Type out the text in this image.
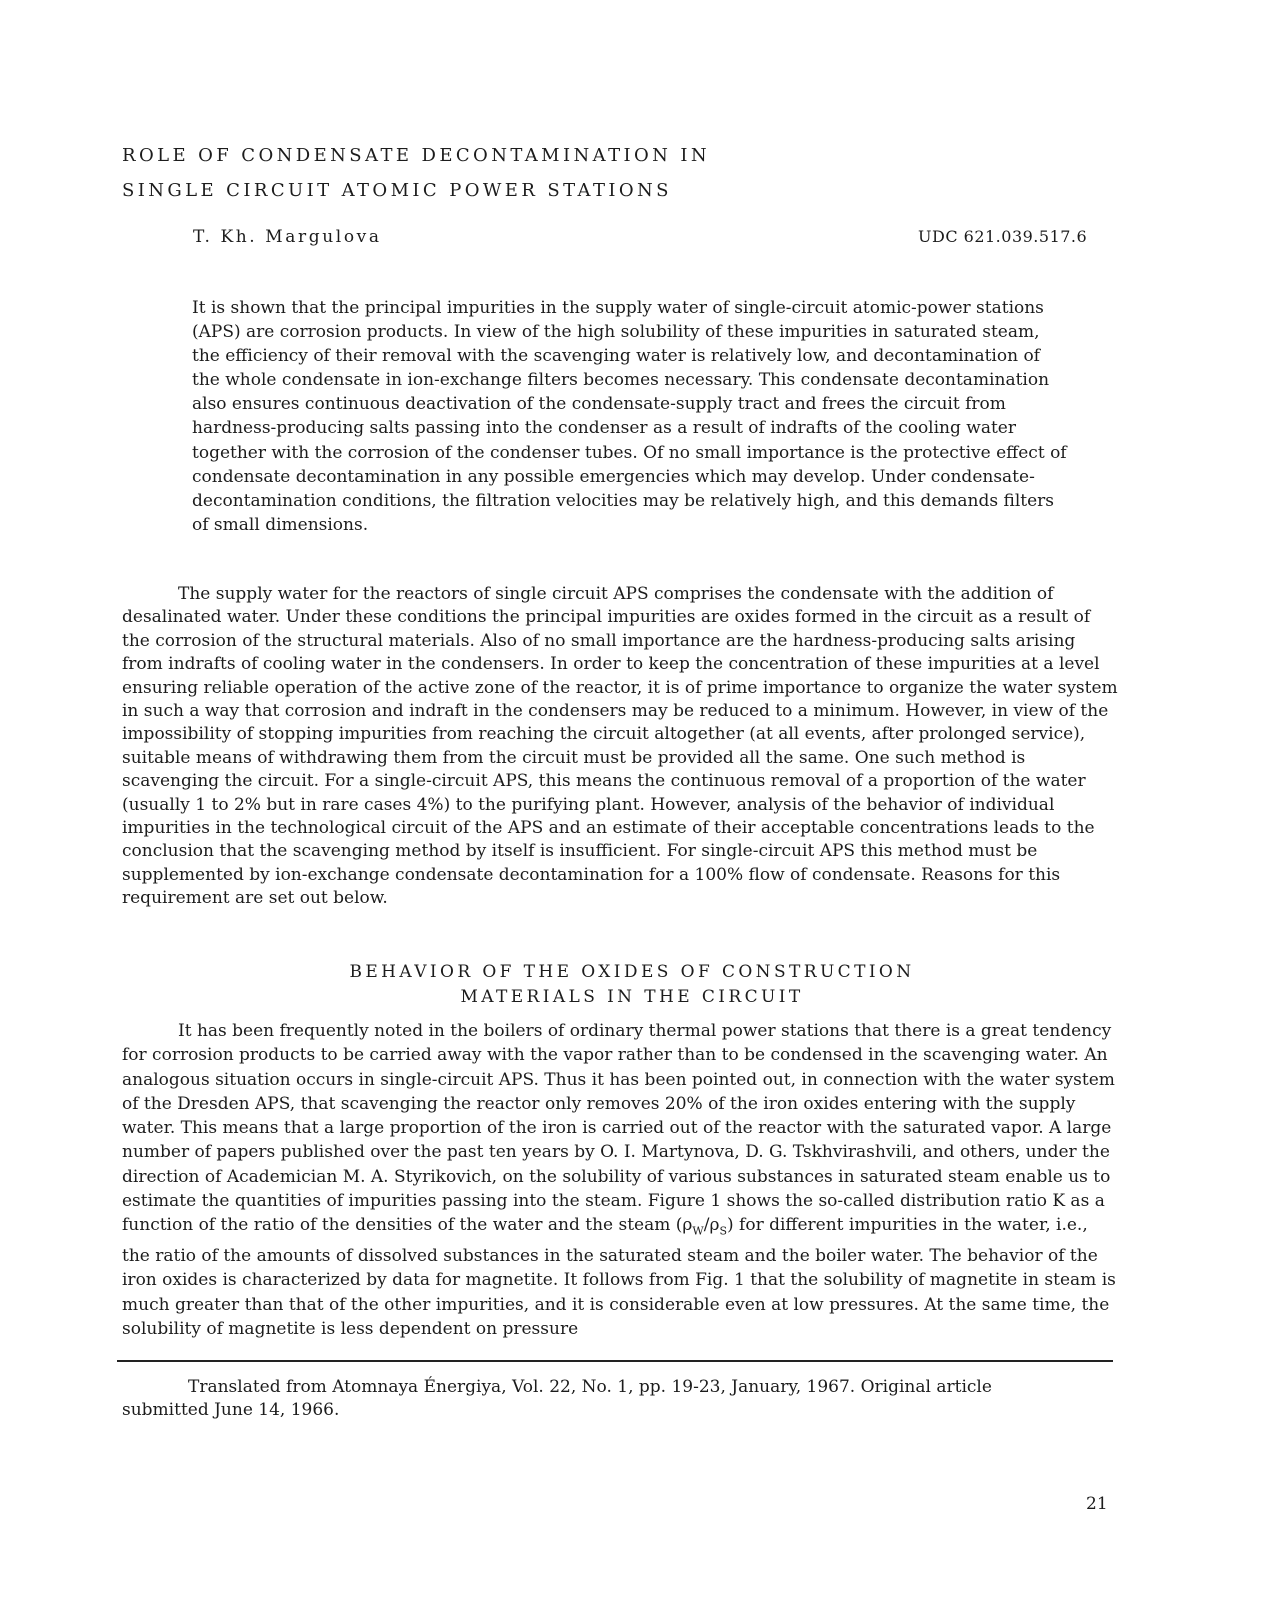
ROLE OF CONDENSATE DECONTAMINATION IN
SINGLE CIRCUIT ATOMIC POWER STATIONS
T. Kh. Margulova	UDC 621.039.517.6

It is shown that the principal impurities in the supply water of single-circuit atomic-power stations (APS) are corrosion products. In view of the high solubility of these impurities in saturated steam, the efficiency of their removal with the scavenging water is relatively low, and decontamination of the whole condensate in ion-exchange filters becomes necessary. This condensate decontamination also ensures continuous deactivation of the condensate-supply tract and frees the circuit from hardness-producing salts passing into the condenser as a result of indrafts of the cooling water together with the corrosion of the condenser tubes. Of no small importance is the protective effect of condensate decontamination in any possible emergencies which may develop. Under condensate-decontamination conditions, the filtration velocities may be relatively high, and this demands filters of small dimensions.

The supply water for the reactors of single circuit APS comprises the condensate with the addition of desalinated water. Under these conditions the principal impurities are oxides formed in the circuit as a result of the corrosion of the structural materials. Also of no small importance are the hardness-producing salts arising from indrafts of cooling water in the condensers. In order to keep the concentration of these impurities at a level ensuring reliable operation of the active zone of the reactor, it is of prime importance to organize the water system in such a way that corrosion and indraft in the condensers may be reduced to a minimum. However, in view of the impossibility of stopping impurities from reaching the circuit altogether (at all events, after prolonged service), suitable means of withdrawing them from the circuit must be provided all the same. One such method is scavenging the circuit. For a single-circuit APS, this means the continuous removal of a proportion of the water (usually 1 to 2% but in rare cases 4%) to the purifying plant. However, analysis of the behavior of individual impurities in the technological circuit of the APS and an estimate of their acceptable concentrations leads to the conclusion that the scavenging method by itself is insufficient. For single-circuit APS this method must be supplemented by ion-exchange condensate decontamination for a 100% flow of condensate. Reasons for this requirement are set out below.

BEHAVIOR OF THE OXIDES OF CONSTRUCTION
MATERIALS IN THE CIRCUIT

It has been frequently noted in the boilers of ordinary thermal power stations that there is a great tendency for corrosion products to be carried away with the vapor rather than to be condensed in the scavenging water. An analogous situation occurs in single-circuit APS. Thus it has been pointed out, in connection with the water system of the Dresden APS, that scavenging the reactor only removes 20% of the iron oxides entering with the supply water. This means that a large proportion of the iron is carried out of the reactor with the saturated vapor. A large number of papers published over the past ten years by O. I. Martynova, D. G. Tskhvirashvili, and others, under the direction of Academician M. A. Styrikovich, on the solubility of various substances in saturated steam enable us to estimate the quantities of impurities passing into the steam. Figure 1 shows the so-called distribution ratio K as a function of the ratio of the densities of the water and the steam $(\rho_W/\rho_S)$ for different impurities in the water, i.e., the ratio of the amounts of dissolved substances in the saturated steam and the boiler water. The behavior of the iron oxides is characterized by data for magnetite. It follows from Fig. 1 that the solubility of magnetite in steam is much greater than that of the other impurities, and it is considerable even at low pressures. At the same time, the solubility of magnetite is less dependent on pressure

Translated from Atomnaya Énergiya, Vol. 22, No. 1, pp. 19-23, January, 1967. Original article submitted June 14, 1966.

21
